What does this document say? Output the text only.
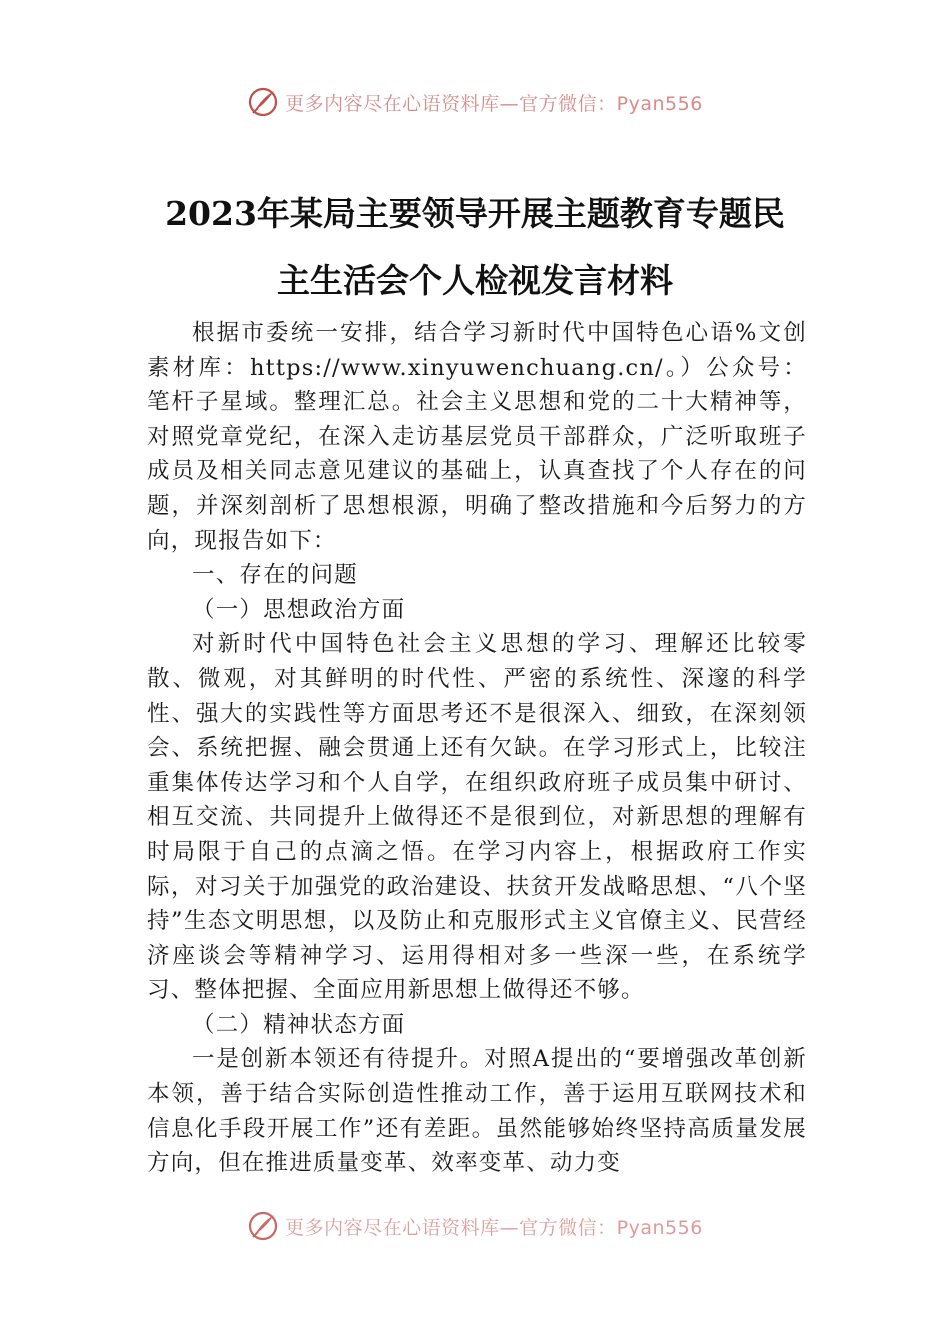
更多内容尽在心语资料库—官方微信：Pyan556
2023年某局主要领导开展主题教育专题民
主生活会个人检视发言材料

根据市委统一安排，结合学习新时代中国特色心语%文创素材库：https://www.xinyuwenchuang.cn/。）公众号：笔杆子星域。整理汇总。社会主义思想和党的二十大精神等，对照党章党纪，在深入走访基层党员干部群众，广泛听取班子成员及相关同志意见建议的基础上，认真查找了个人存在的问题，并深刻剖析了思想根源，明确了整改措施和今后努力的方向，现报告如下：

一、存在的问题
（一）思想政治方面

对新时代中国特色社会主义思想的学习、理解还比较零散、微观，对其鲜明的时代性、严密的系统性、深邃的科学性、强大的实践性等方面思考还不是很深入、细致，在深刻领会、系统把握、融会贯通上还有欠缺。在学习形式上，比较注重集体传达学习和个人自学，在组织政府班子成员集中研讨、相互交流、共同提升上做得还不是很到位，对新思想的理解有时局限于自己的点滴之悟。在学习内容上，根据政府工作实际，对习关于加强党的政治建设、扶贫开发战略思想、“八个坚持”生态文明思想，以及防止和克服形式主义官僚主义、民营经济座谈会等精神学习、运用得相对多一些深一些，在系统学习、整体把握、全面应用新思想上做得还不够。

（二）精神状态方面

一是创新本领还有待提升。对照A提出的“要增强改革创新本领，善于结合实际创造性推动工作，善于运用互联网技术和信息化手段开展工作”还有差距。虽然能够始终坚持高质量发展方向，但在推进质量变革、效率变革、动力变

更多内容尽在心语资料库—官方微信：Pyan556
